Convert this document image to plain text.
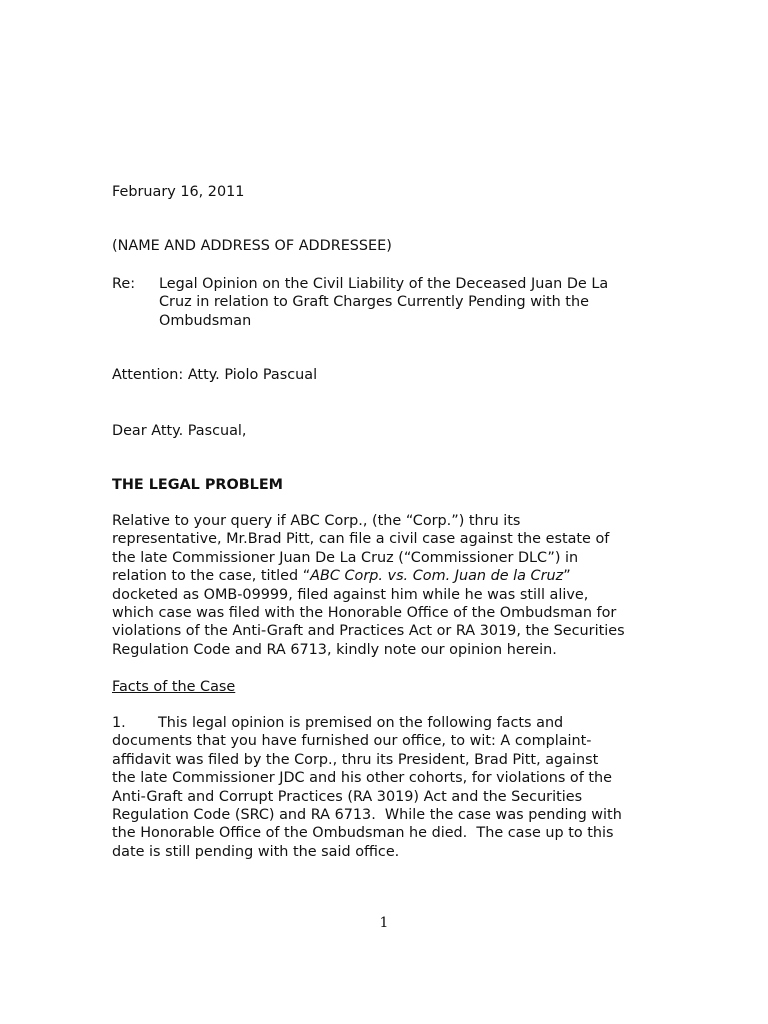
February 16, 2011

(NAME AND ADDRESS OF ADDRESSEE)

Re: Legal Opinion on the Civil Liability of the Deceased Juan De La
Cruz in relation to Graft Charges Currently Pending with the
Ombudsman

Attention: Atty. Piolo Pascual

Dear Atty. Pascual,

THE LEGAL PROBLEM

Relative to your query if ABC Corp., (the “Corp.”) thru its
representative, Mr.Brad Pitt, can file a civil case against the estate of
the late Commissioner Juan De La Cruz (“Commissioner DLC”) in
relation to the case, titled “ABC Corp. vs. Com. Juan de la Cruz”
docketed as OMB-09999, filed against him while he was still alive,
which case was filed with the Honorable Office of the Ombudsman for
violations of the Anti-Graft and Practices Act or RA 3019, the Securities
Regulation Code and RA 6713, kindly note our opinion herein.

Facts of the Case

1. This legal opinion is premised on the following facts and
documents that you have furnished our office, to wit: A complaint-
affidavit was filed by the Corp., thru its President, Brad Pitt, against
the late Commissioner JDC and his other cohorts, for violations of the
Anti-Graft and Corrupt Practices (RA 3019) Act and the Securities
Regulation Code (SRC) and RA 6713.  While the case was pending with
the Honorable Office of the Ombudsman he died.  The case up to this
date is still pending with the said office.
1
